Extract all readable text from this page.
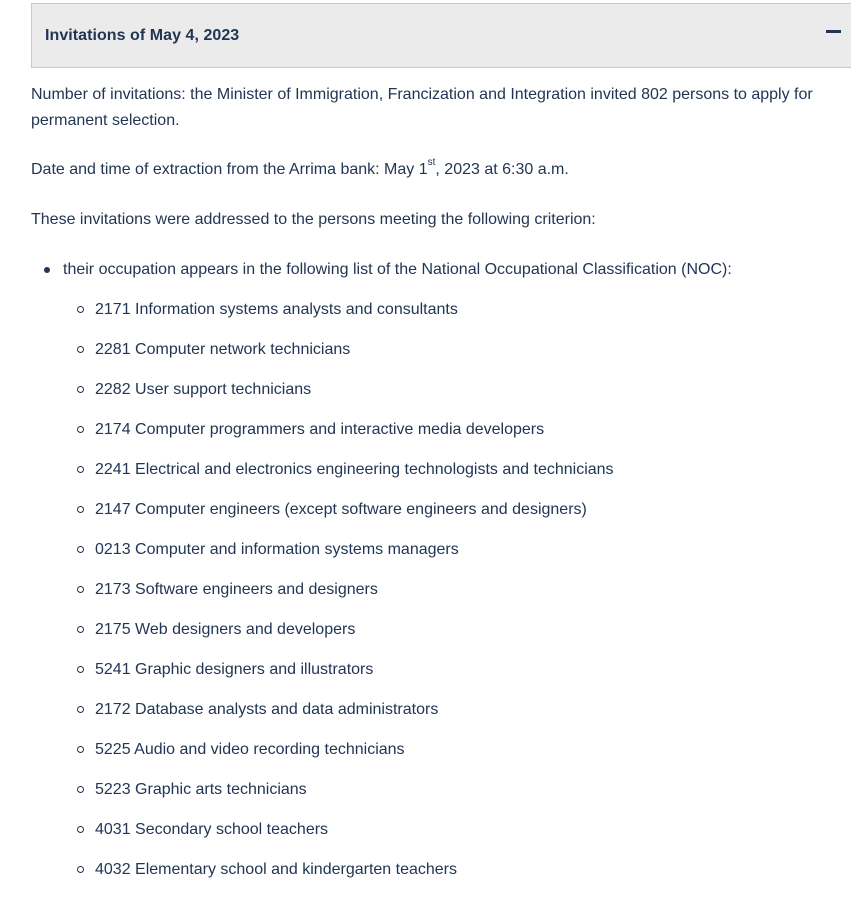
Invitations of May 4, 2023

Number of invitations: the Minister of Immigration, Francization and Integration invited 802 persons to apply for permanent selection.

Date and time of extraction from the Arrima bank: May 1st, 2023 at 6:30 a.m.

These invitations were addressed to the persons meeting the following criterion:

their occupation appears in the following list of the National Occupational Classification (NOC):
2171 Information systems analysts and consultants
2281 Computer network technicians
2282 User support technicians
2174 Computer programmers and interactive media developers
2241 Electrical and electronics engineering technologists and technicians
2147 Computer engineers (except software engineers and designers)
0213 Computer and information systems managers
2173 Software engineers and designers
2175 Web designers and developers
5241 Graphic designers and illustrators
2172 Database analysts and data administrators
5225 Audio and video recording technicians
5223 Graphic arts technicians
4031 Secondary school teachers
4032 Elementary school and kindergarten teachers
